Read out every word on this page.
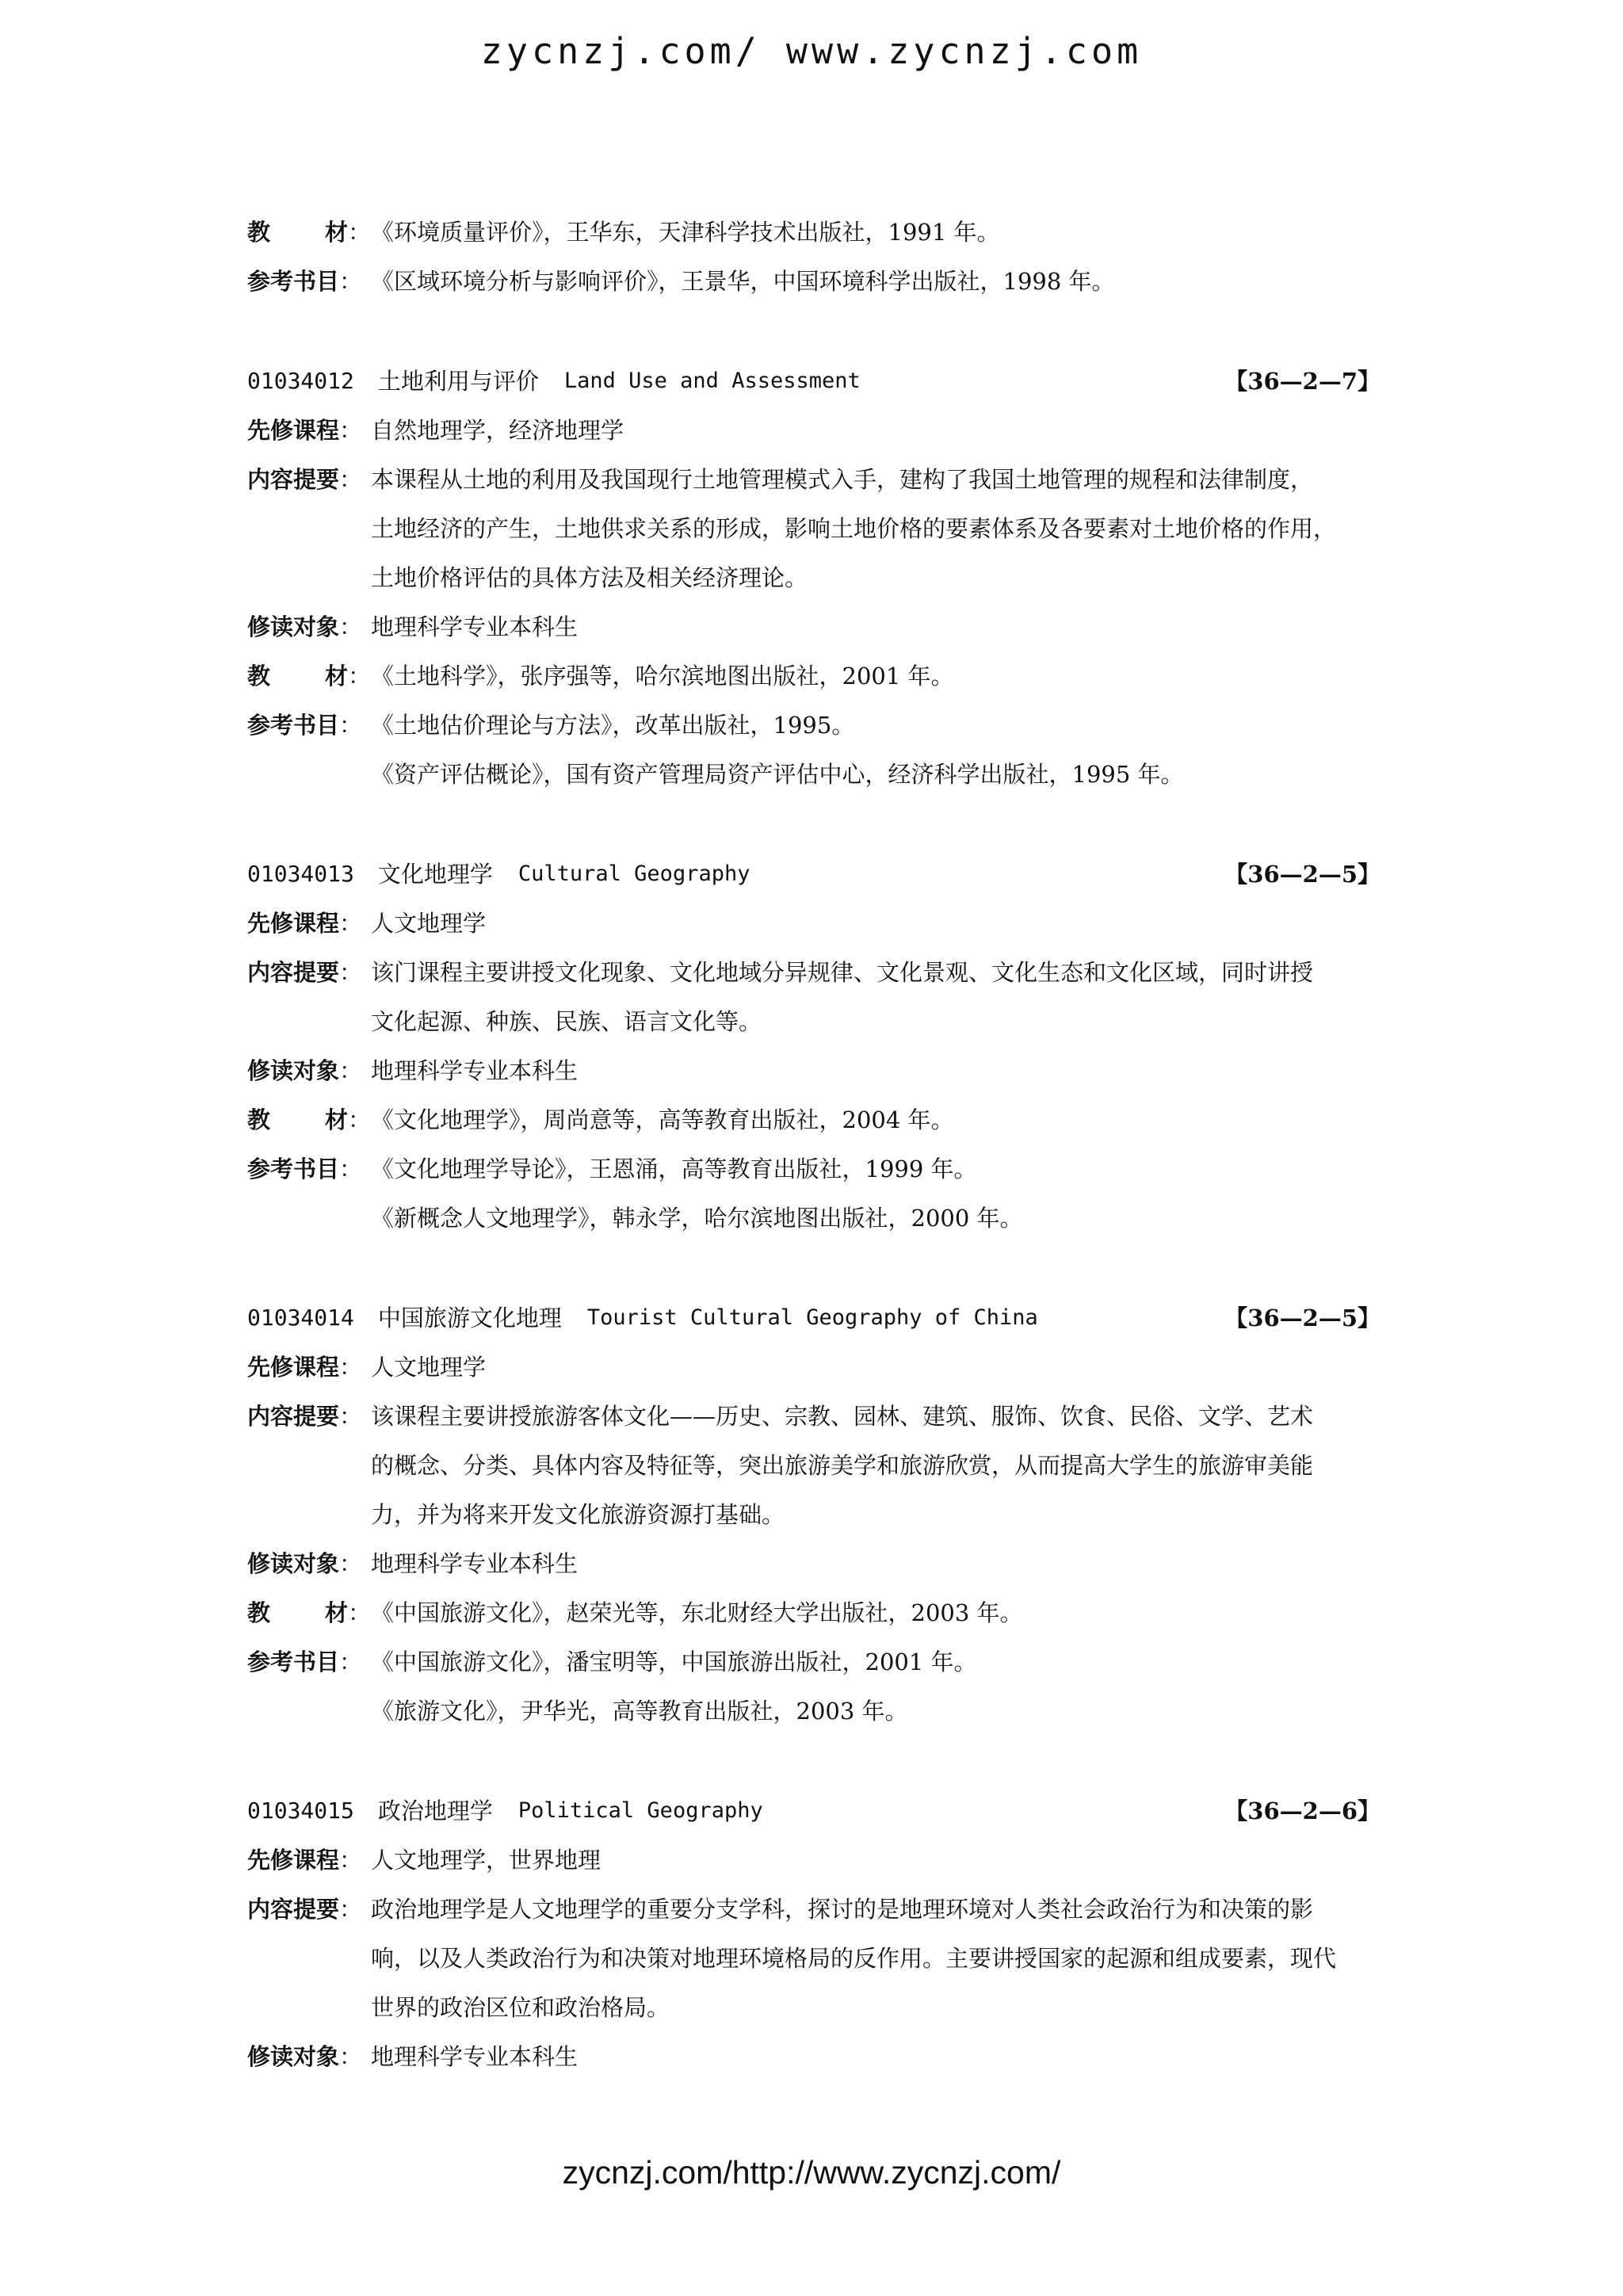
zycnzj.com/ www.zycnzj.com
教 材： 《环境质量评价》，王华东，天津科学技术出版社，1991 年。
参考书目： 《区域环境分析与影响评价》，王景华，中国环境科学出版社，1998 年。
01034012 土地利用与评价 Land Use and Assessment	【36—2—7】
先修课程： 自然地理学，经济地理学
内容提要： 本课程从土地的利用及我国现行土地管理模式入手，建构了我国土地管理的规程和法律制度，

土地经济的产生，土地供求关系的形成，影响土地价格的要素体系及各要素对土地价格的作用，

土地价格评估的具体方法及相关经济理论。

修读对象： 地理科学专业本科生
教 材： 《土地科学》，张序强等，哈尔滨地图出版社，2001 年。
参考书目： 《土地估价理论与方法》，改革出版社，1995。
《资产评估概论》，国有资产管理局资产评估中心，经济科学出版社，1995 年。
01034013 文化地理学 Cultural Geography	【36—2—5】
先修课程： 人文地理学
内容提要： 该门课程主要讲授文化现象、文化地域分异规律、文化景观、文化生态和文化区域，同时讲授

文化起源、种族、民族、语言文化等。

修读对象： 地理科学专业本科生
教 材： 《文化地理学》，周尚意等，高等教育出版社，2004 年。
参考书目： 《文化地理学导论》，王恩涌，高等教育出版社，1999 年。
《新概念人文地理学》，韩永学，哈尔滨地图出版社，2000 年。
01034014 中国旅游文化地理 Tourist Cultural Geography of China	【36—2—5】
先修课程： 人文地理学
内容提要： 该课程主要讲授旅游客体文化——历史、宗教、园林、建筑、服饰、饮食、民俗、文学、艺术

的概念、分类、具体内容及特征等，突出旅游美学和旅游欣赏，从而提高大学生的旅游审美能

力，并为将来开发文化旅游资源打基础。

修读对象： 地理科学专业本科生
教 材： 《中国旅游文化》，赵荣光等，东北财经大学出版社，2003 年。
参考书目： 《中国旅游文化》，潘宝明等，中国旅游出版社，2001 年。
《旅游文化》，尹华光，高等教育出版社，2003 年。
01034015 政治地理学 Political Geography	【36—2—6】
先修课程： 人文地理学，世界地理
内容提要： 政治地理学是人文地理学的重要分支学科，探讨的是地理环境对人类社会政治行为和决策的影

响，以及人类政治行为和决策对地理环境格局的反作用。主要讲授国家的起源和组成要素，现代

世界的政治区位和政治格局。

修读对象： 地理科学专业本科生
zycnzj.com/http://www.zycnzj.com/
